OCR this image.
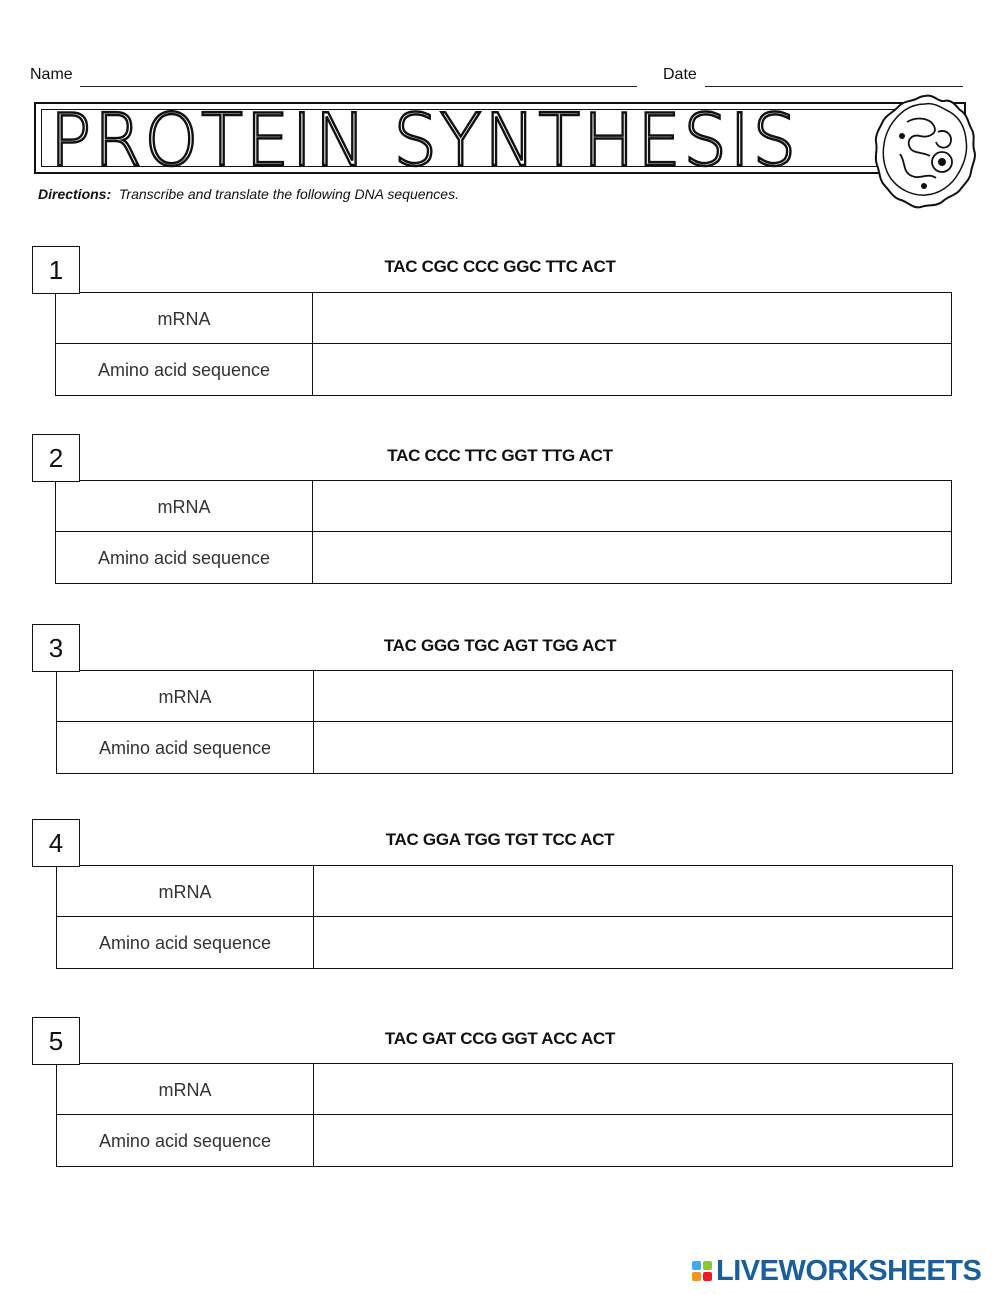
Name	Date
PROTEIN SYNTHESIS
Directions: Transcribe and translate the following DNA sequences.
1	TAC CGC CCC GGC TTC ACT
mRNA
Amino acid sequence
2	TAC CCC TTC GGT TTG ACT
mRNA
Amino acid sequence
3	TAC GGG TGC AGT TGG ACT
mRNA
Amino acid sequence
4	TAC GGA TGG TGT TCC ACT
mRNA
Amino acid sequence
5	TAC GAT CCG GGT ACC ACT
mRNA
Amino acid sequence
LIVEWORKSHEETS
